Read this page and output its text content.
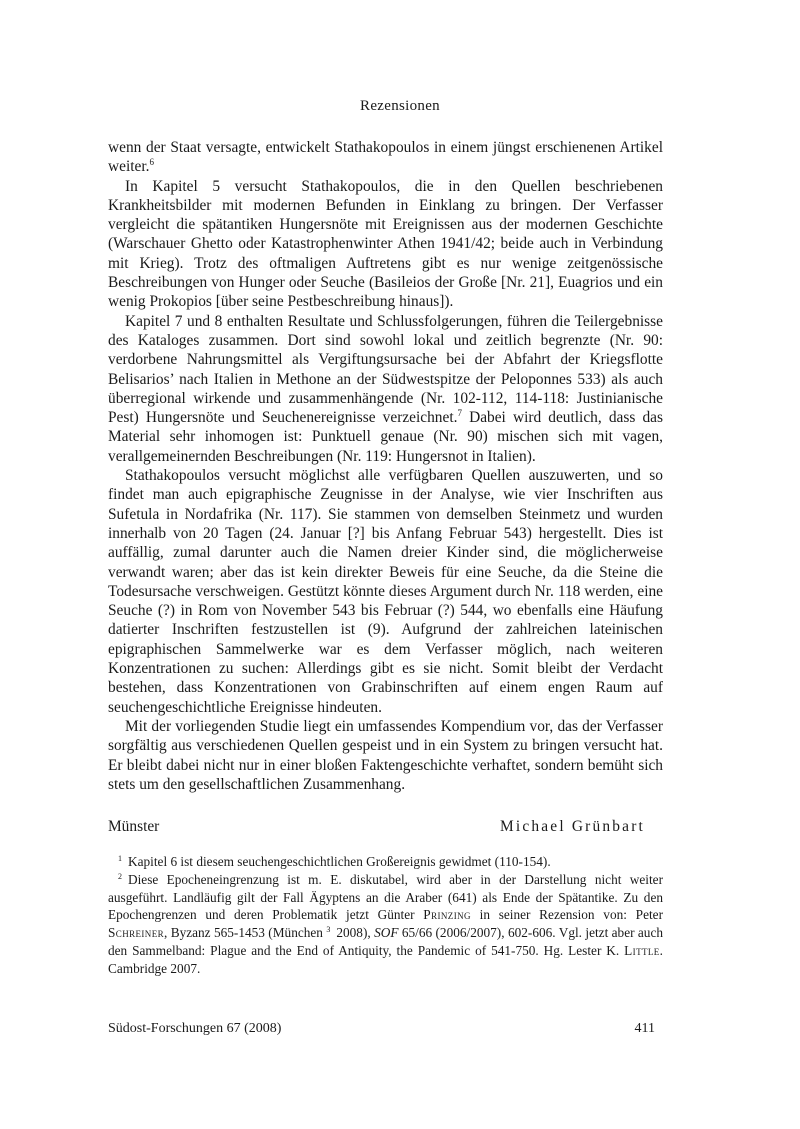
Rezensionen

wenn der Staat versagte, entwickelt Stathakopoulos in einem jüngst erschienenen Artikel weiter.$^6$

In Kapitel 5 versucht Stathakopoulos, die in den Quellen beschriebenen Krankheitsbilder mit modernen Befunden in Einklang zu bringen. Der Verfasser vergleicht die spätantiken Hungersnöte mit Ereignissen aus der modernen Geschichte (Warschauer Ghetto oder Katastrophenwinter Athen 1941/42; beide auch in Verbindung mit Krieg). Trotz des oftmaligen Auftretens gibt es nur wenige zeitgenössische Beschreibungen von Hunger oder Seuche (Basileios der Große [Nr. 21], Euagrios und ein wenig Prokopios [über seine Pestbeschreibung hinaus]).

Kapitel 7 und 8 enthalten Resultate und Schlussfolgerungen, führen die Teilergebnisse des Kataloges zusammen. Dort sind sowohl lokal und zeitlich begrenzte (Nr. 90: verdorbene Nahrungsmittel als Vergiftungsursache bei der Abfahrt der Kriegsflotte Belisarios’ nach Italien in Methone an der Südwestspitze der Peloponnes 533) als auch überregional wirkende und zusammenhängende (Nr. 102-112, 114-118: Justinianische Pest) Hungersnöte und Seuchenereignisse verzeichnet.$^7$ Dabei wird deutlich, dass das Material sehr inhomogen ist: Punktuell genaue (Nr. 90) mischen sich mit vagen, verallgemeinernden Beschreibungen (Nr. 119: Hungersnot in Italien).

Stathakopoulos versucht möglichst alle verfügbaren Quellen auszuwerten, und so findet man auch epigraphische Zeugnisse in der Analyse, wie vier Inschriften aus Sufetula in Nordafrika (Nr. 117). Sie stammen von demselben Steinmetz und wurden innerhalb von 20 Tagen (24. Januar [?] bis Anfang Februar 543) hergestellt. Dies ist auffällig, zumal darunter auch die Namen dreier Kinder sind, die möglicherweise verwandt waren; aber das ist kein direkter Beweis für eine Seuche, da die Steine die Todesursache verschweigen. Gestützt könnte dieses Argument durch Nr. 118 werden, eine Seuche (?) in Rom von November 543 bis Februar (?) 544, wo ebenfalls eine Häufung datierter Inschriften festzustellen ist (9). Aufgrund der zahlreichen lateinischen epigraphischen Sammelwerke war es dem Verfasser möglich, nach weiteren Konzentrationen zu suchen: Allerdings gibt es sie nicht. Somit bleibt der Verdacht bestehen, dass Konzentrationen von Grabinschriften auf einem engen Raum auf seuchengeschichtliche Ereignisse hindeuten.

Mit der vorliegenden Studie liegt ein umfassendes Kompendium vor, das der Verfasser sorgfältig aus verschiedenen Quellen gespeist und in ein System zu bringen versucht hat. Er bleibt dabei nicht nur in einer bloßen Faktengeschichte verhaftet, sondern bemüht sich stets um den gesellschaftlichen Zusammenhang.

Münster	Michael Grünbart

$^1$ Kapitel 6 ist diesem seuchengeschichtlichen Großereignis gewidmet (110-154).

$^2$ Diese Epocheneingrenzung ist m. E. diskutabel, wird aber in der Darstellung nicht weiter ausgeführt. Landläufig gilt der Fall Ägyptens an die Araber (641) als Ende der Spätantike. Zu den Epochengrenzen und deren Problematik jetzt Günter Prinzing in seiner Rezension von: Peter Schreiner, Byzanz 565-1453 (München $^3$ 2008), SOF 65/66 (2006/2007), 602-606. Vgl. jetzt aber auch den Sammelband: Plague and the End of Antiquity, the Pandemic of 541-750. Hg. Lester K. Little. Cambridge 2007.

Südost-Forschungen 67 (2008)	411
